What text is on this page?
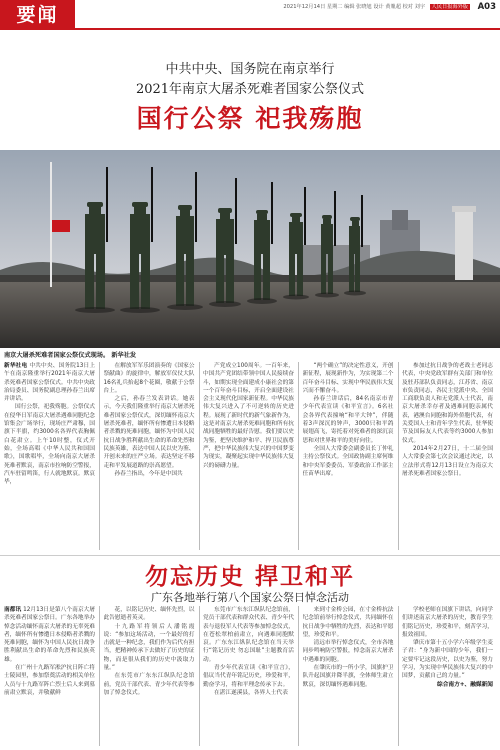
要闻	2021年12月14日 星期二 编辑 张晓旭 设计 黄胤超 校对 刘宇 人民日报海外版 A03
中共中央、国务院在南京举行
2021年南京大屠杀死难者国家公祭仪式
国行公祭 祀我殇胞
南京大屠杀死难者国家公祭仪式现场。 新华社发

新华社电 中共中央、国务院13日上午在南京隆重举行2021年南京大屠杀死难者国家公祭仪式。中共中央政治局委员、国务院副总理孙春兰出席并讲话。

国行公祭，祀我殇胞。公祭仪式在侵华日军南京大屠杀遇难同胞纪念馆集会广场举行，现场庄严肃穆，国旗下半旗，约3000名各界代表胸佩白花肃立。上午10时整，仪式开始，全场高唱《中华人民共和国国歌》，国歌唱毕，全场向南京大屠杀死难者默哀，南京市拉响防空警报，汽车驻留鸣笛，行人就地默哀。默哀毕，

在解放军军乐团演奏的《国家公祭献曲》的旋律中，解放军仪仗大队16名礼兵抬起8个花圈，敬献于公祭台上。

之后，孙春兰发表讲话。她表示，今天我们隆重举行南京大屠杀死难者国家公祭仪式，深切缅怀南京大屠杀死难者，缅怀所有惨遭日本侵略者杀戮的死难同胞，缅怀为中国人民抗日战争胜利献出生命的革命先烈和民族英雄，表达中国人民以史为鉴、开创未来的庄严立场。表达坚定不移走和平发展道路的崇高愿望。

孙春兰指出，今年是中国共

产党成立100周年。一百年来，中国共产党团结带领中国人民接续奋斗，如期实现全面建成小康社会的第一个百年奋斗目标，开启全面建设社会主义现代化国家新征程。中华民族伟大复兴进入了不可逆转的历史进程。展现了新时代的新气象新作为，这是对南京大屠杀死难同胞和所有抗战同胞牺牲的最好告慰。我们要以史为鉴，把坚决维护和平、捍卫民族尊严，把中华民族伟大复兴的中国梦变为现实，凝聚起实现中华民族伟大复兴的磅礴力量。

“两个确立”的决定性意义，开创新征程，展现新作为，为实现第二个百年奋斗目标、实现中华民族伟大复兴而不懈奋斗。

孙春兰讲话后，84名南京市青少年代表宣读《和平宣言》。6名社会各界代表撞响“和平大钟”，伴随着3声深沉的钟声，3000只和平鸽展翅高飞，寄托着对死难者的深沉哀思和对世界和平的美好向往。

全国人大常委会副委员长丁仲礼主持公祭仪式。全国政协副主席何维和中央军委委员、军委政治工作部主任苗华出席。

参加过抗日战争的老战士老同志代表，中央党政军群有关部门和单位及驻苏部队负责同志，江苏省、南京市负责同志，各民主党派中央、全国工商联负责人和无党派人士代表，南京大屠杀幸存者及遇难同胞亲属代表，港澳台同胞和海外侨胞代表，有关爱国人士和青年学生代表，驻华使节及国际友人代表等约3000人参加仪式。

2014年2月27日，十二届全国人大常委会第七次会议通过决定，以立法形式将12月13日设立为南京大屠杀死难者国家公祭日。

勿忘历史 捍卫和平
广东各地举行第八个国家公祭日悼念活动

南都讯 12月13日是第八个南京大屠杀死难者国家公祭日。广东各地举办悼念活动缅怀南京大屠杀的无辜死难者，缅怀所有惨遭日本侵略者杀戮的死难同胞，缅怀为中国人民抗日战争胜利献出生命的革命先烈和民族英雄。

在广州十九路军淞沪抗日阵亡将士陵园里，参加祭奠活动的相关单位人员与十九路军阵亡烈士后人来到墓前肃立默哀，并敬献鲜

花，以铭记历史、缅怀先烈，以此告慰逝者英灵。

十九路军将领后人潘铭霞说：“参加这场活动，一个最好的打击就是一种纪念，我们作为后代有担当，把精神传承下去做好了历史的证物，而是很从我们的历史中汲取力量。”

在东莞市广东东江纵队纪念馆前，党员干部代表、青少年代表等参加了悼念仪式。

东莞市广东东江纵队纪念馆前，党员干部代表和群众代表、青少年代表与退役军人代表等参加悼念仪式，在苍松翠柏前肃立，向遇难同胞默哀。广东东江纵队纪念馆在当天举行“铭记历史 勿忘国耻”主题教育活动。

青少年代表宣读《和平宣言》，倡议当代青年铭记历史，珍爱和平，勤奋学习，将和平理念传承下去。

在湛江遂溪县，各界人士代表

来到寸金桥公园，在寸金桥抗法纪念馆前举行悼念仪式，共同缅怀在抗日战争中牺牲的先烈，表达和平愿望，珍爱和平。

清远市举行悼念仪式，全市各地同步鸣响防空警报，悼念南京大屠杀中遇难的同胞。

在肇庆市的一所小学，国旗护卫队升起国旗并降半旗，全体师生肃立默哀，深切缅怀遇难同胞。

学校老师在国旗下讲话，向同学们讲述南京大屠杀的历史，教育学生们铭记历史，珍爱和平，刻苦学习，报效祖国。

肇庆市第十五小学六年级学生麦子君：“身为新中国的少年，我们一定要牢记这段历史，以史为鉴，努力学习，为实现中华民族伟大复兴的中国梦，贡献自己的力量。”

综合南方+、融媒新闻
